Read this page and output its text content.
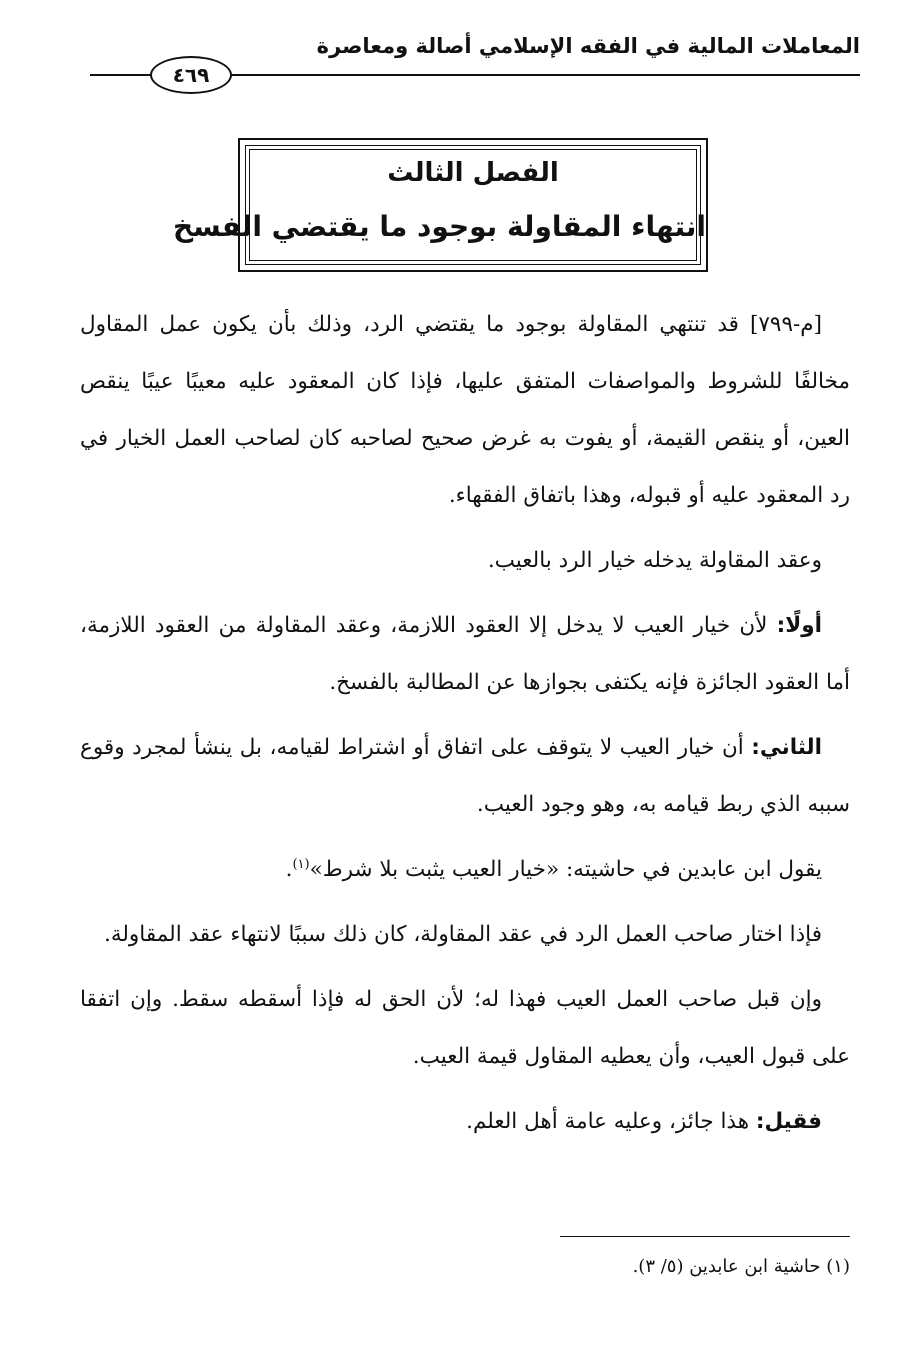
المعاملات المالية في الفقه الإسلامي أصالة ومعاصرة
٤٦٩
الفصل الثالث
انتهاء المقاولة بوجود ما يقتضي الفسخ

[م-٧٩٩] قد تنتهي المقاولة بوجود ما يقتضي الرد، وذلك بأن يكون عمل المقاول مخالفًا للشروط والمواصفات المتفق عليها، فإذا كان المعقود عليه معيبًا عيبًا ينقص العين، أو ينقص القيمة، أو يفوت به غرض صحيح لصاحبه كان لصاحب العمل الخيار في رد المعقود عليه أو قبوله، وهذا باتفاق الفقهاء.

وعقد المقاولة يدخله خيار الرد بالعيب.

أولًا: لأن خيار العيب لا يدخل إلا العقود اللازمة، وعقد المقاولة من العقود اللازمة، أما العقود الجائزة فإنه يكتفى بجوازها عن المطالبة بالفسخ.

الثاني: أن خيار العيب لا يتوقف على اتفاق أو اشتراط لقيامه، بل ينشأ لمجرد وقوع سببه الذي ربط قيامه به، وهو وجود العيب.

يقول ابن عابدين في حاشيته: «خيار العيب يثبت بلا شرط»$^{(١)}$.

فإذا اختار صاحب العمل الرد في عقد المقاولة، كان ذلك سببًا لانتهاء عقد المقاولة.

وإن قبل صاحب العمل العيب فهذا له؛ لأن الحق له فإذا أسقطه سقط. وإن اتفقا على قبول العيب، وأن يعطيه المقاول قيمة العيب.

فقيل: هذا جائز، وعليه عامة أهل العلم.

(١) حاشية ابن عابدين (٥/ ٣).
